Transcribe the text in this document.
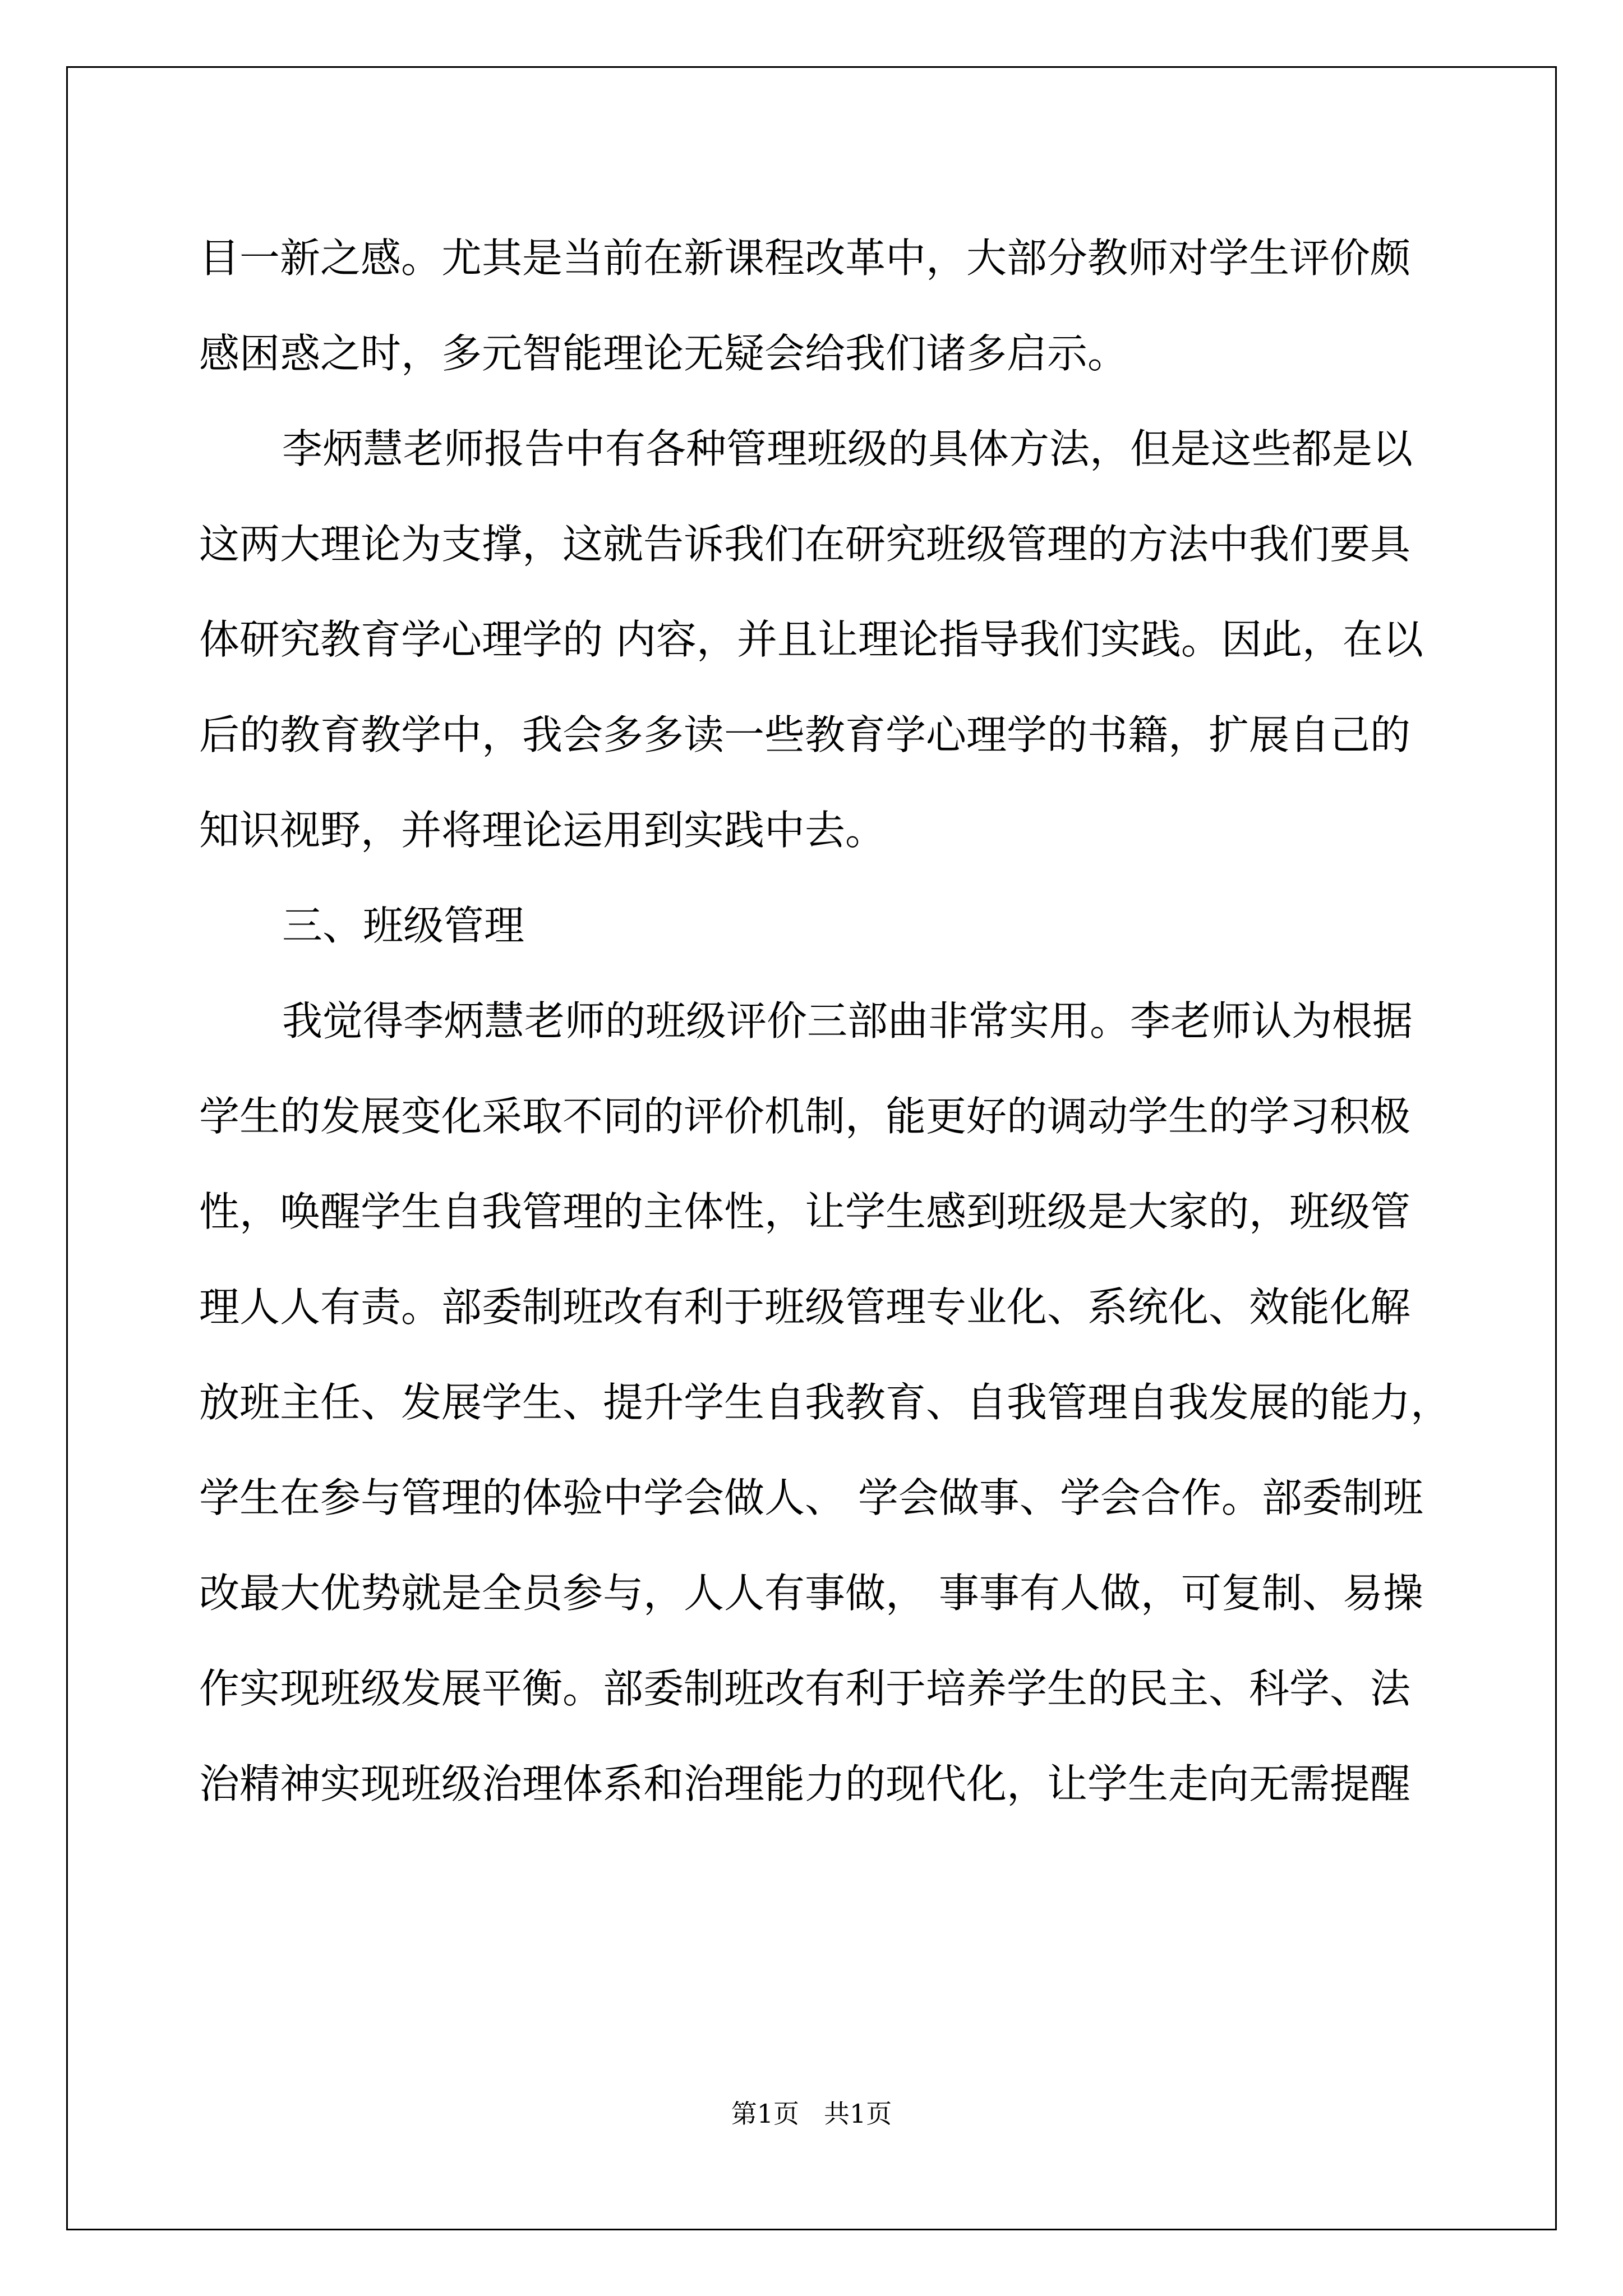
目一新之感。尤其是当前在新课程改革中，大部分教师对学生评价颇
感困惑之时，多元智能理论无疑会给我们诸多启示。
李炳慧老师报告中有各种管理班级的具体方法，但是这些都是以
这两大理论为支撑，这就告诉我们在研究班级管理的方法中我们要具
体研究教育学心理学的 内容，并且让理论指导我们实践。因此，在以
后的教育教学中，我会多多读一些教育学心理学的书籍，扩展自己的
知识视野，并将理论运用到实践中去。
三、班级管理
我觉得李炳慧老师的班级评价三部曲非常实用。李老师认为根据
学生的发展变化采取不同的评价机制，能更好的调动学生的学习积极
性，唤醒学生自我管理的主体性，让学生感到班级是大家的，班级管
理人人有责。部委制班改有利于班级管理专业化、系统化、效能化解
放班主任、发展学生、提升学生自我教育、自我管理自我发展的能力，
学生在参与管理的体验中学会做人、 学会做事、学会合作。部委制班
改最大优势就是全员参与，人人有事做， 事事有人做，可复制、易操
作实现班级发展平衡。部委制班改有利于培养学生的民主、科学、法
治精神实现班级治理体系和治理能力的现代化，让学生走向无需提醒
第1页 共1页
